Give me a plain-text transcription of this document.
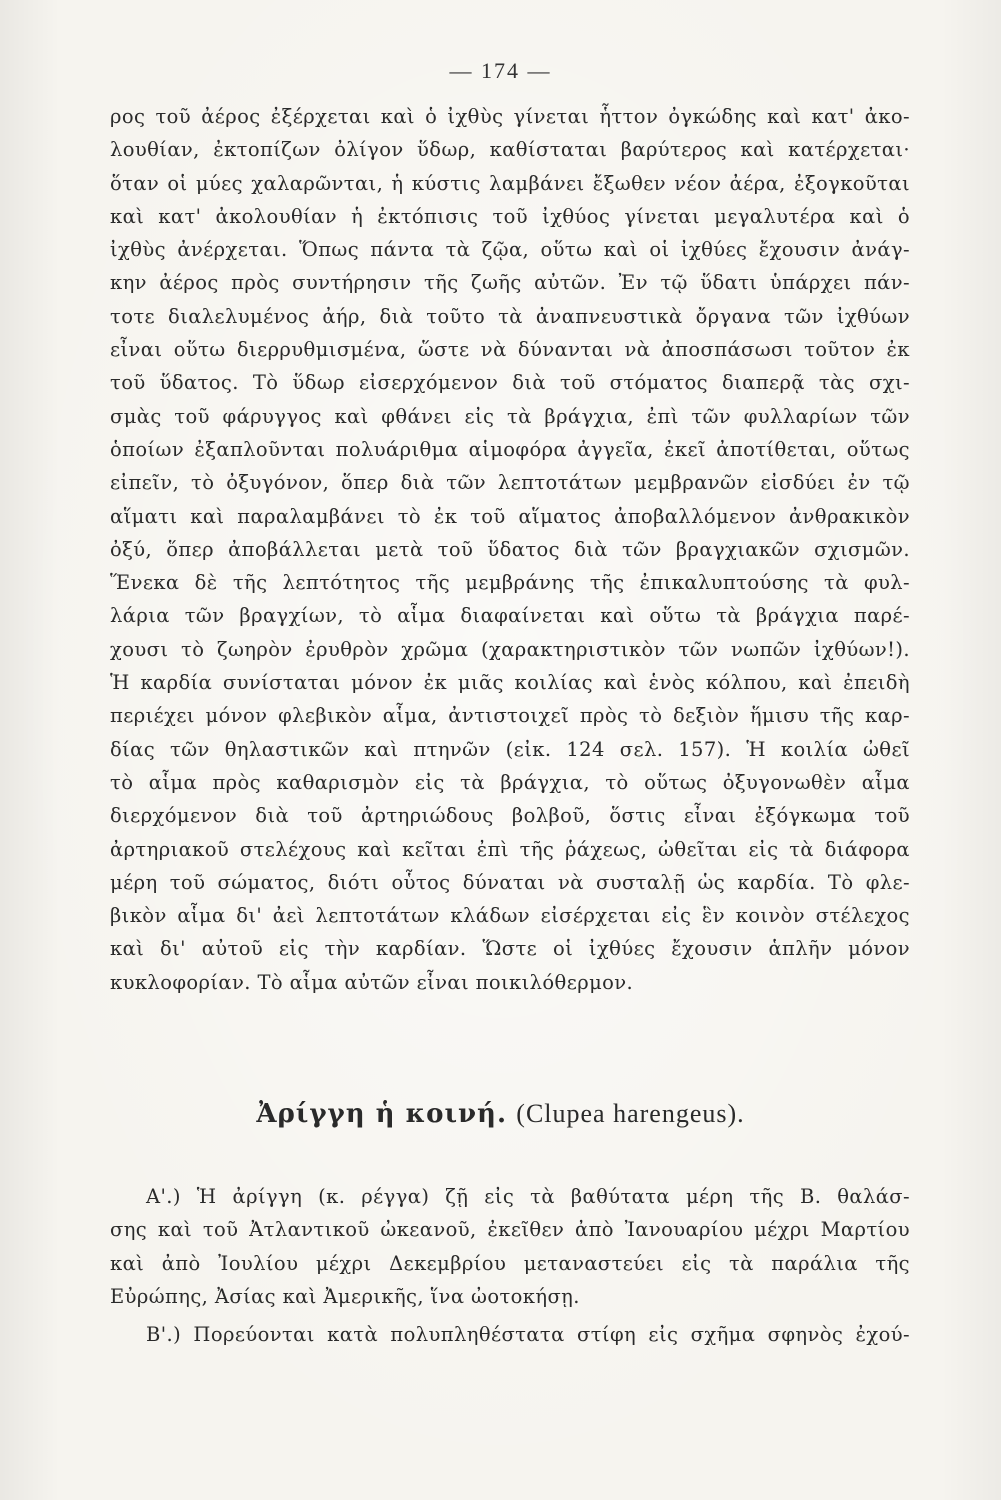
— 174 —
ρος τοῦ ἀέρος ἐξέρχεται καὶ ὁ ἰχθὺς γίνεται ἧττον ὀγκώδης καὶ κατ' ἀκο-
λουθίαν, ἐκτοπίζων ὀλίγον ὕδωρ, καθίσταται βαρύτερος καὶ κατέρχεται·
ὅταν οἱ μύες χαλαρῶνται, ἡ κύστις λαμβάνει ἔξωθεν νέον ἀέρα, ἐξογκοῦται
καὶ κατ' ἀκολουθίαν ἡ ἐκτόπισις τοῦ ἰχθύος γίνεται μεγαλυτέρα καὶ ὁ
ἰχθὺς ἀνέρχεται. Ὅπως πάντα τὰ ζῷα, οὕτω καὶ οἱ ἰχθύες ἔχουσιν ἀνάγ-
κην ἀέρος πρὸς συντήρησιν τῆς ζωῆς αὐτῶν. Ἐν τῷ ὕδατι ὑπάρχει πάν-
τοτε διαλελυμένος ἀήρ, διὰ τοῦτο τὰ ἀναπνευστικὰ ὄργανα τῶν ἰχθύων
εἶναι οὕτω διερρυθμισμένα, ὥστε νὰ δύνανται νὰ ἀποσπάσωσι τοῦτον ἐκ
τοῦ ὕδατος. Τὸ ὕδωρ εἰσερχόμενον διὰ τοῦ στόματος διαπερᾷ τὰς σχι-
σμὰς τοῦ φάρυγγος καὶ φθάνει εἰς τὰ βράγχια, ἐπὶ τῶν φυλλαρίων τῶν
ὁποίων ἐξαπλοῦνται πολυάριθμα αἱμοφόρα ἀγγεῖα, ἐκεῖ ἀποτίθεται, οὕτως
εἰπεῖν, τὸ ὀξυγόνον, ὅπερ διὰ τῶν λεπτοτάτων μεμβρανῶν εἰσδύει ἐν τῷ
αἵματι καὶ παραλαμβάνει τὸ ἐκ τοῦ αἵματος ἀποβαλλόμενον ἀνθρακικὸν
ὀξύ, ὅπερ ἀποβάλλεται μετὰ τοῦ ὕδατος διὰ τῶν βραγχιακῶν σχισμῶν.
Ἕνεκα δὲ τῆς λεπτότητος τῆς μεμβράνης τῆς ἐπικαλυπτούσης τὰ φυλ-
λάρια τῶν βραγχίων, τὸ αἷμα διαφαίνεται καὶ οὕτω τὰ βράγχια παρέ-
χουσι τὸ ζωηρὸν ἐρυθρὸν χρῶμα (χαρακτηριστικὸν τῶν νωπῶν ἰχθύων!).
Ἡ καρδία συνίσταται μόνον ἐκ μιᾶς κοιλίας καὶ ἑνὸς κόλπου, καὶ ἐπειδὴ
περιέχει μόνον φλεβικὸν αἷμα, ἀντιστοιχεῖ πρὸς τὸ δεξιὸν ἥμισυ τῆς καρ-
δίας τῶν θηλαστικῶν καὶ πτηνῶν (εἰκ. 124 σελ. 157). Ἡ κοιλία ὠθεῖ
τὸ αἷμα πρὸς καθαρισμὸν εἰς τὰ βράγχια, τὸ οὕτως ὀξυγονωθὲν αἷμα
διερχόμενον διὰ τοῦ ἀρτηριώδους βολβοῦ, ὅστις εἶναι ἐξόγκωμα τοῦ
ἀρτηριακοῦ στελέχους καὶ κεῖται ἐπὶ τῆς ῥάχεως, ὠθεῖται εἰς τὰ διάφορα
μέρη τοῦ σώματος, διότι οὗτος δύναται νὰ συσταλῇ ὡς καρδία. Τὸ φλε-
βικὸν αἷμα δι' ἀεὶ λεπτοτάτων κλάδων εἰσέρχεται εἰς ἓν κοινὸν στέλεχος
καὶ δι' αὐτοῦ εἰς τὴν καρδίαν. Ὥστε οἱ ἰχθύες ἔχουσιν ἁπλῆν μόνον
κυκλοφορίαν. Τὸ αἷμα αὐτῶν εἶναι ποικιλόθερμον.
Ἀρίγγη ἡ κοινή. (Clupea harengeus).
Α'.) Ἡ ἀρίγγη (κ. ρέγγα) ζῇ εἰς τὰ βαθύτατα μέρη τῆς Β. θαλάσ-
σης καὶ τοῦ Ἀτλαντικοῦ ὠκεανοῦ, ἐκεῖθεν ἀπὸ Ἰανουαρίου μέχρι Μαρτίου
καὶ ἀπὸ Ἰουλίου μέχρι Δεκεμβρίου μεταναστεύει εἰς τὰ παράλια τῆς
Εὐρώπης, Ἀσίας καὶ Ἀμερικῆς, ἵνα ὠοτοκήσῃ.
Β'.) Πορεύονται κατὰ πολυπληθέστατα στίφη εἰς σχῆμα σφηνὸς ἐχού-
